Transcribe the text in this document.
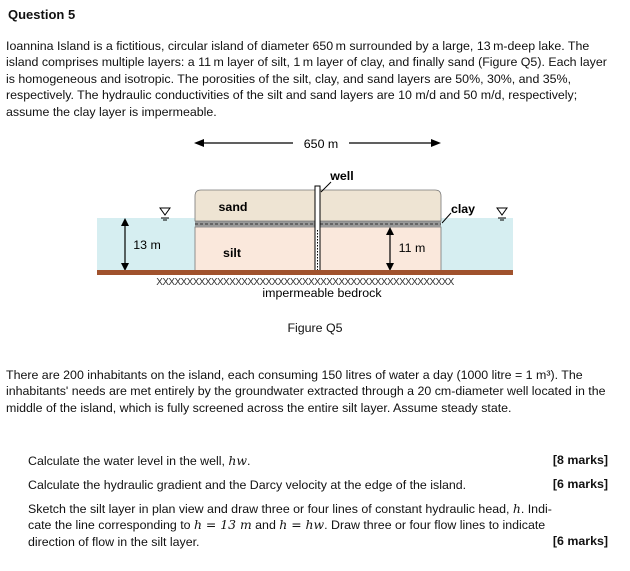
Question 5
Ioannina Island is a fictitious, circular island of diameter 650 m surrounded by a large, 13 m-deep lake. The island comprises multiple layers: a 11 m layer of silt, 1 m layer of clay, and finally sand (Figure Q5). Each layer is homogeneous and isotropic. The porosities of the silt, clay, and sand layers are 50%, 30%, and 35%, respectively. The hydraulic conductivities of the silt and sand layers are 10 m/d and 50 m/d, respectively; assume the clay layer is impermeable.
650 m
well
sand	clay
silt
13 m	11 m
XXXXXXXXXXXXXXXXXXXXXXXXXXXXXXXXXXXXXXXXXXXXXXXXX
impermeable bedrock
Figure Q5
There are 200 inhabitants on the island, each consuming 150 litres of water a day (1000 litre = 1 m³). The inhabitants' needs are met entirely by the groundwater extracted through a 20 cm-diameter well located in the middle of the island, which is fully screened across the entire silt layer. Assume steady state.
Calculate the water level in the well, hw.	[8 marks]
Calculate the hydraulic gradient and the Darcy velocity at the edge of the island.	[6 marks]
Sketch the silt layer in plan view and draw three or four lines of constant hydraulic head, h. Indi-
cate the line corresponding to h = 13 m and h = hw. Draw three or four flow lines to indicate
direction of flow in the silt layer.	[6 marks]
